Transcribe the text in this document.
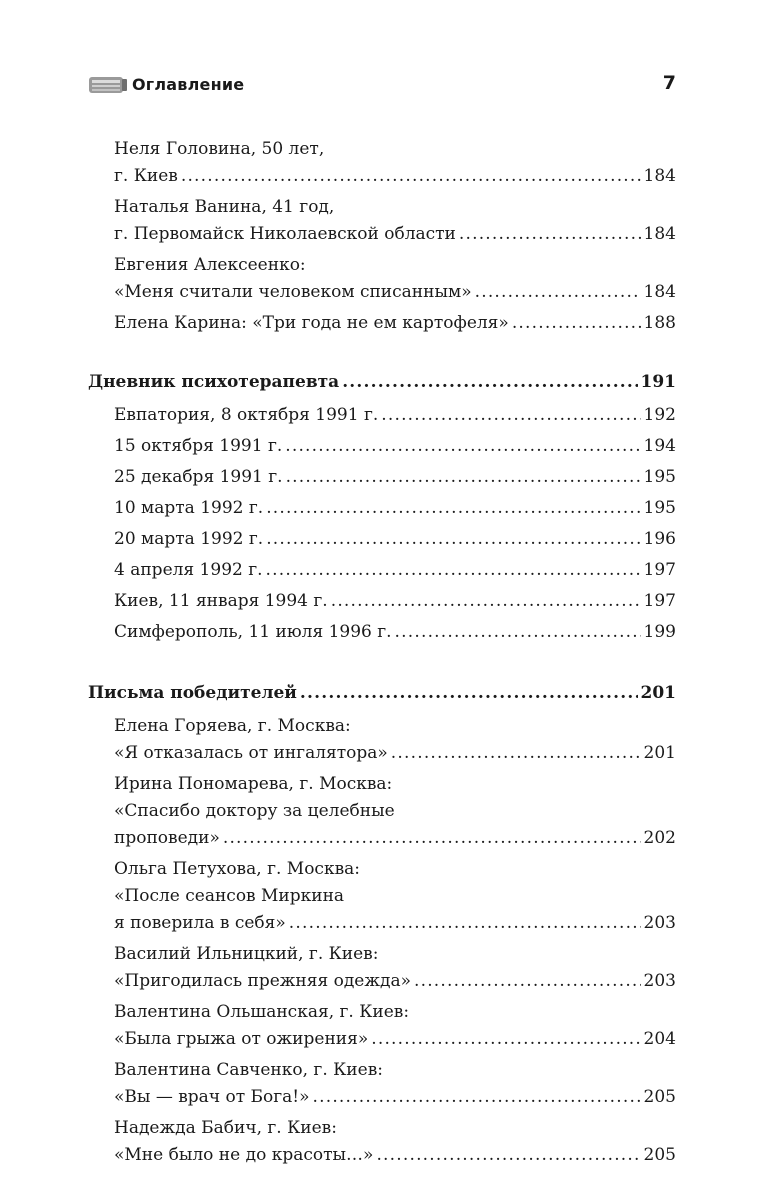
Оглавление	7
Неля Головина, 50 лет,
г. Киев .....	184
Наталья Ванина, 41 год,
г. Первомайск Николаевской области .....	184
Евгения Алексеенко:
«Меня считали человеком списанным» .....	184
Елена Карина: «Три года не ем картофеля» .....	188
Дневник психотерапевта .....	191
Евпатория, 8 октября 1991 г. .....	192
15 октября 1991 г. .....	194
25 декабря 1991 г. .....	195
10 марта 1992 г. .....	195
20 марта 1992 г. .....	196
4 апреля 1992 г. .....	197
Киев, 11 января 1994 г. .....	197
Симферополь, 11 июля 1996 г. .....	199
Письма победителей .....	201
Елена Горяева, г. Москва:
«Я отказалась от ингалятора» .....	201
Ирина Пономарева, г. Москва:
«Спасибо доктору за целебные
проповеди» .....	202
Ольга Петухова, г. Москва:
«После сеансов Миркина
я поверила в себя» .....	203
Василий Ильницкий, г. Киев:
«Пригодилась прежняя одежда» .....	203
Валентина Ольшанская, г. Киев:
«Была грыжа от ожирения» .....	204
Валентина Савченко, г. Киев:
«Вы — врач от Бога!» .....	205
Надежда Бабич, г. Киев:
«Мне было не до красоты…» .....	205
